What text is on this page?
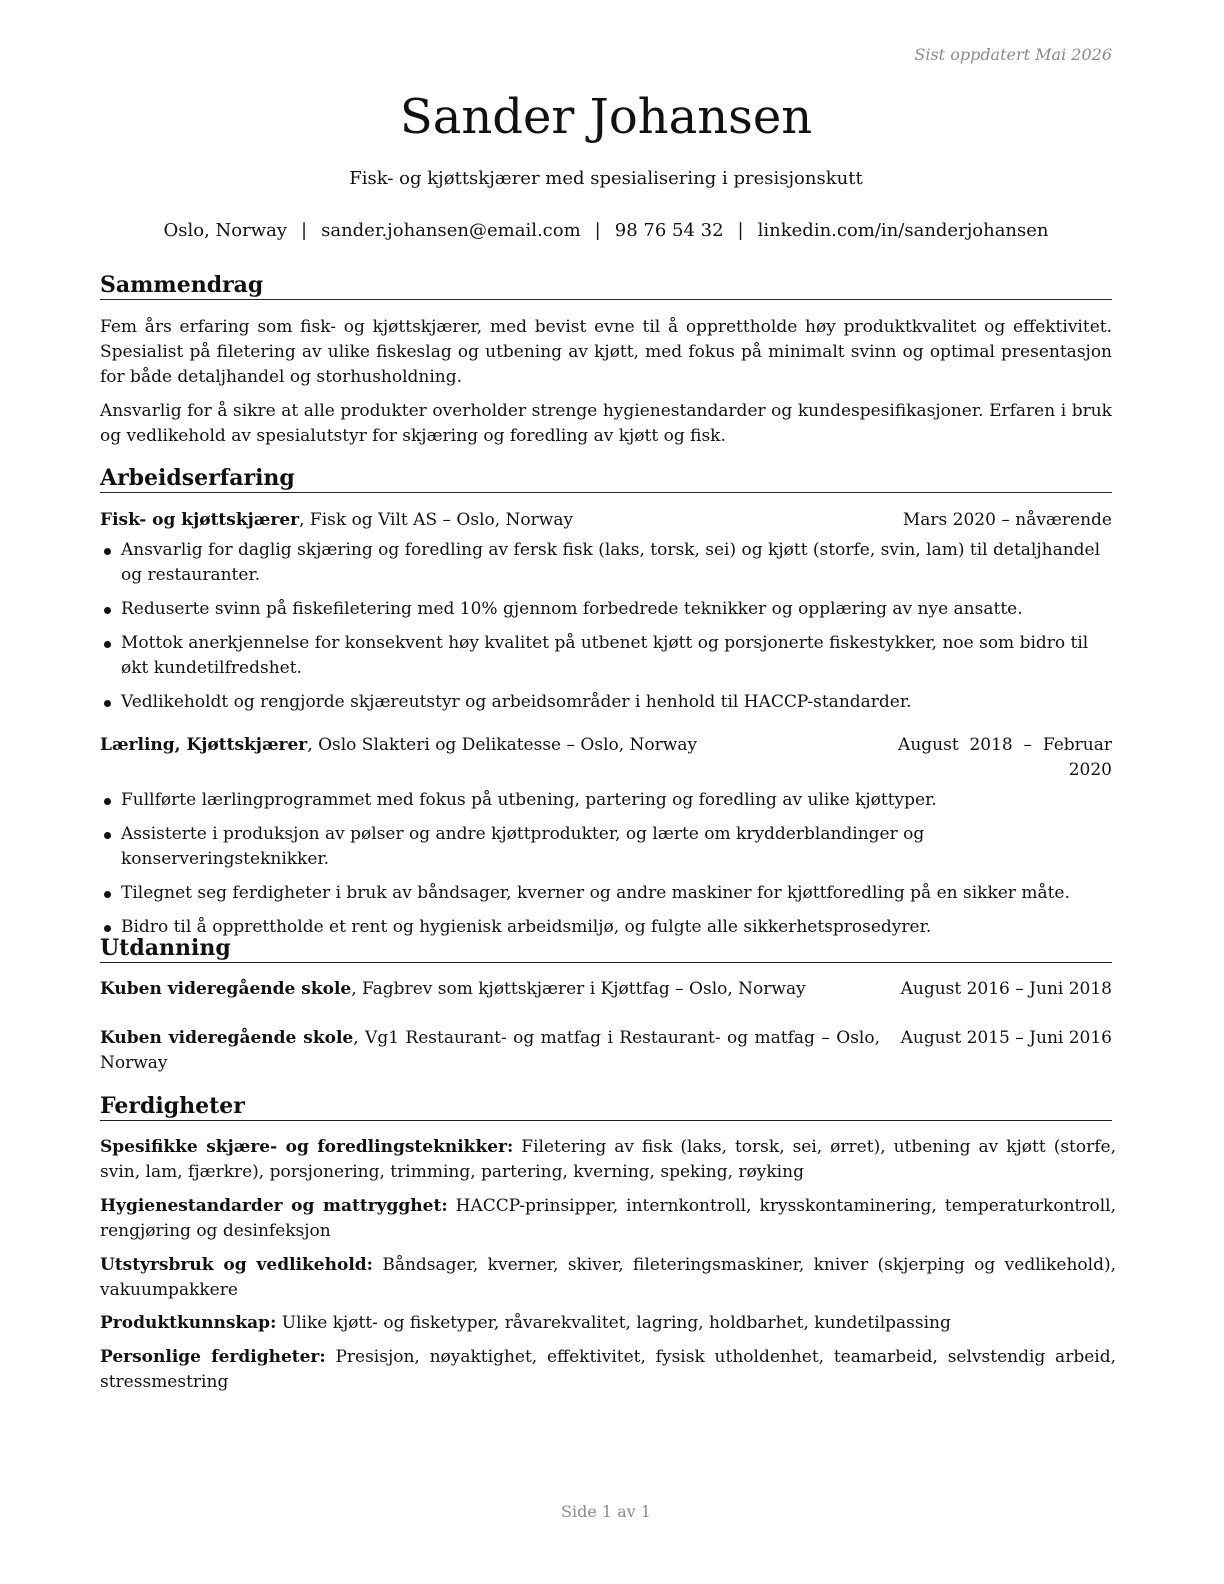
Sist oppdatert Mai 2026
Sander Johansen
Fisk- og kjøttskjærer med spesialisering i presisjonskutt
Oslo, Norway | sander.johansen@email.com | 98 76 54 32 | linkedin.com/in/sanderjohansen
Sammendrag
Fem års erfaring som fisk- og kjøttskjærer, med bevist evne til å opprettholde høy produktkvalitet og effektivitet. Spesialist på filetering av ulike fiskeslag og utbening av kjøtt, med fokus på minimalt svinn og optimal presentasjon for både detaljhandel og storhusholdning.
Ansvarlig for å sikre at alle produkter overholder strenge hygienestandarder og kundespesifikasjoner. Erfaren i bruk og vedlikehold av spesialutstyr for skjæring og foredling av kjøtt og fisk.
Arbeidserfaring
Fisk- og kjøttskjærer, Fisk og Vilt AS – Oslo, Norway	Mars 2020 – nåværende
Ansvarlig for daglig skjæring og foredling av fersk fisk (laks, torsk, sei) og kjøtt (storfe, svin, lam) til detaljhandel og restauranter.
Reduserte svinn på fiskefiletering med 10% gjennom forbedrede teknikker og opplæring av nye ansatte.
Mottok anerkjennelse for konsekvent høy kvalitet på utbenet kjøtt og porsjonerte fiskestykker, noe som bidro til økt kundetilfredshet.
Vedlikeholdt og rengjorde skjæreutstyr og arbeidsområder i henhold til HACCP-standarder.
Lærling, Kjøttskjærer, Oslo Slakteri og Delikatesse – Oslo, Norway	August  2018  –  Februar
2020
Fullførte lærlingprogrammet med fokus på utbening, partering og foredling av ulike kjøttyper.
Assisterte i produksjon av pølser og andre kjøttprodukter, og lærte om krydderblandinger og konserveringsteknikker.
Tilegnet seg ferdigheter i bruk av båndsager, kverner og andre maskiner for kjøttforedling på en sikker måte.
Bidro til å opprettholde et rent og hygienisk arbeidsmiljø, og fulgte alle sikkerhetsprosedyrer.
Utdanning
Kuben videregående skole, Fagbrev som kjøttskjærer i Kjøttfag – Oslo, Norway	August 2016 – Juni 2018
Kuben videregående skole, Vg1 Restaurant- og matfag i Restaurant- og matfag – Oslo, Norway
August 2015 – Juni 2016
Ferdigheter
Spesifikke skjære- og foredlingsteknikker: Filetering av fisk (laks, torsk, sei, ørret), utbening av kjøtt (storfe, svin, lam, fjærkre), porsjonering, trimming, partering, kverning, speking, røyking
Hygienestandarder og mattrygghet: HACCP-prinsipper, internkontroll, krysskontaminering, temperaturkontroll, rengjøring og desinfeksjon
Utstyrsbruk og vedlikehold: Båndsager, kverner, skiver, fileteringsmaskiner, kniver (skjerping og vedlikehold), vakuumpakkere
Produktkunnskap: Ulike kjøtt- og fisketyper, råvarekvalitet, lagring, holdbarhet, kundetilpassing
Personlige ferdigheter: Presisjon, nøyaktighet, effektivitet, fysisk utholdenhet, teamarbeid, selvstendig arbeid, stressmestring
Side 1 av 1
